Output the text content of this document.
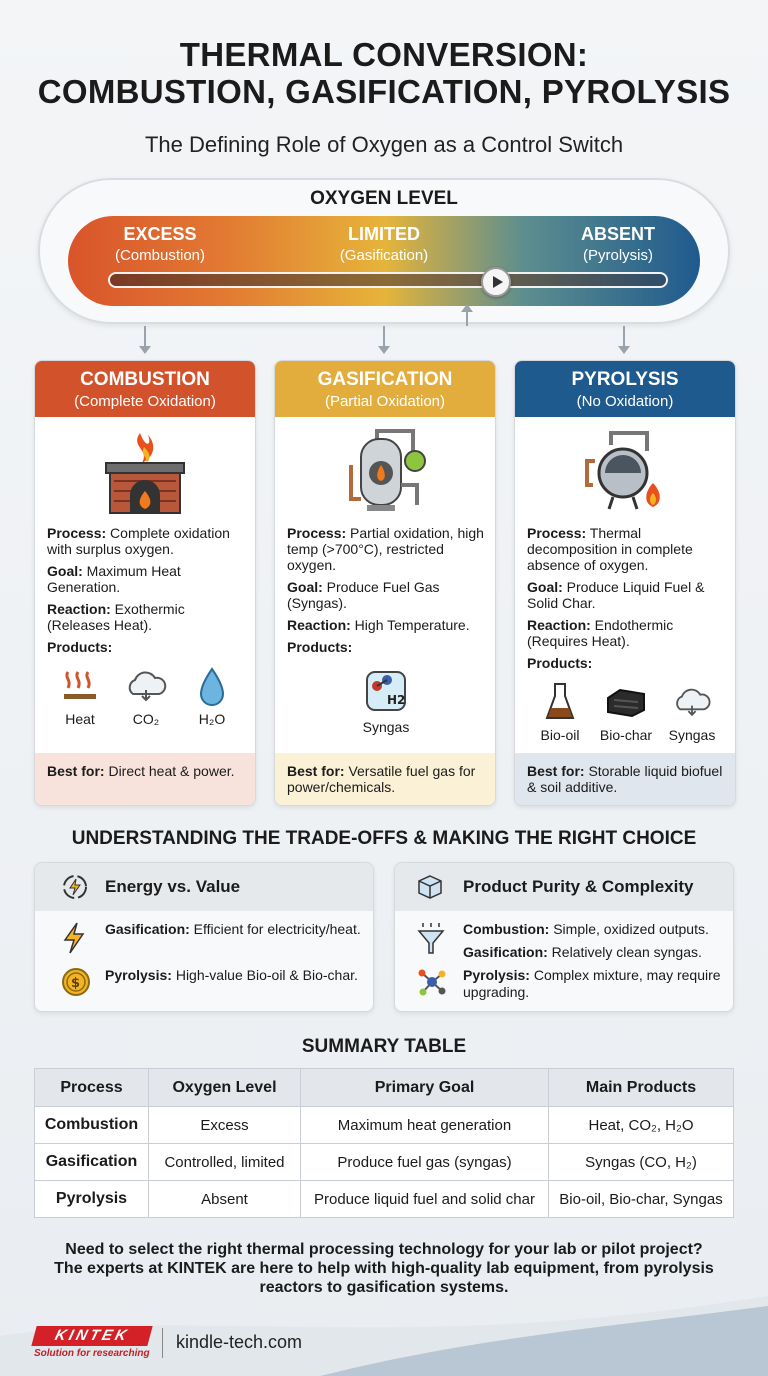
THERMAL CONVERSION:
COMBUSTION, GASIFICATION, PYROLYSIS
The Defining Role of Oxygen as a Control Switch
OXYGEN LEVEL
EXCESS
(Combustion)
LIMITED
(Gasification)
ABSENT
(Pyrolysis)
COMBUSTION
(Complete Oxidation)

Process: Complete oxidation with surplus oxygen.

Goal: Maximum Heat Generation.

Reaction: Exothermic (Releases Heat).

Products:

Heat	CO₂	H₂O
Best for: Direct heat & power.
GASIFICATION
(Partial Oxidation)

Process: Partial oxidation, high temp (>700°C), restricted oxygen.

Goal: Produce Fuel Gas (Syngas).

Reaction: High Temperature.

Products:

H2
Syngas
Best for: Versatile fuel gas for power/chemicals.
PYROLYSIS
(No Oxidation)

Process: Thermal decomposition in complete absence of oxygen.

Goal: Produce Liquid Fuel & Solid Char.

Reaction: Endothermic (Requires Heat).

Products:

Bio-oil	Bio-char	Syngas
Best for: Storable liquid biofuel & soil additive.
UNDERSTANDING THE TRADE-OFFS & MAKING THE RIGHT CHOICE
Energy vs. Value
Gasification: Efficient for electricity/heat.
$
Pyrolysis: High-value Bio-oil & Bio-char.
Product Purity & Complexity
Combustion: Simple, oxidized outputs.
Gasification: Relatively clean syngas.
Pyrolysis: Complex mixture, may require upgrading.
SUMMARY TABLE
Process	Oxygen Level	Primary Goal	Main Products
Combustion	Excess	Maximum heat generation	Heat, CO₂, H₂O
Gasification	Controlled, limited	Produce fuel gas (syngas)	Syngas (CO, H₂)
Pyrolysis	Absent	Produce liquid fuel and solid char	Bio-oil, Bio-char, Syngas
Need to select the right thermal processing technology for your lab or pilot project?
The experts at KINTEK are here to help with high-quality lab equipment, from pyrolysis reactors to gasification systems.
KINTEK
Solution for researching
kindle-tech.com
